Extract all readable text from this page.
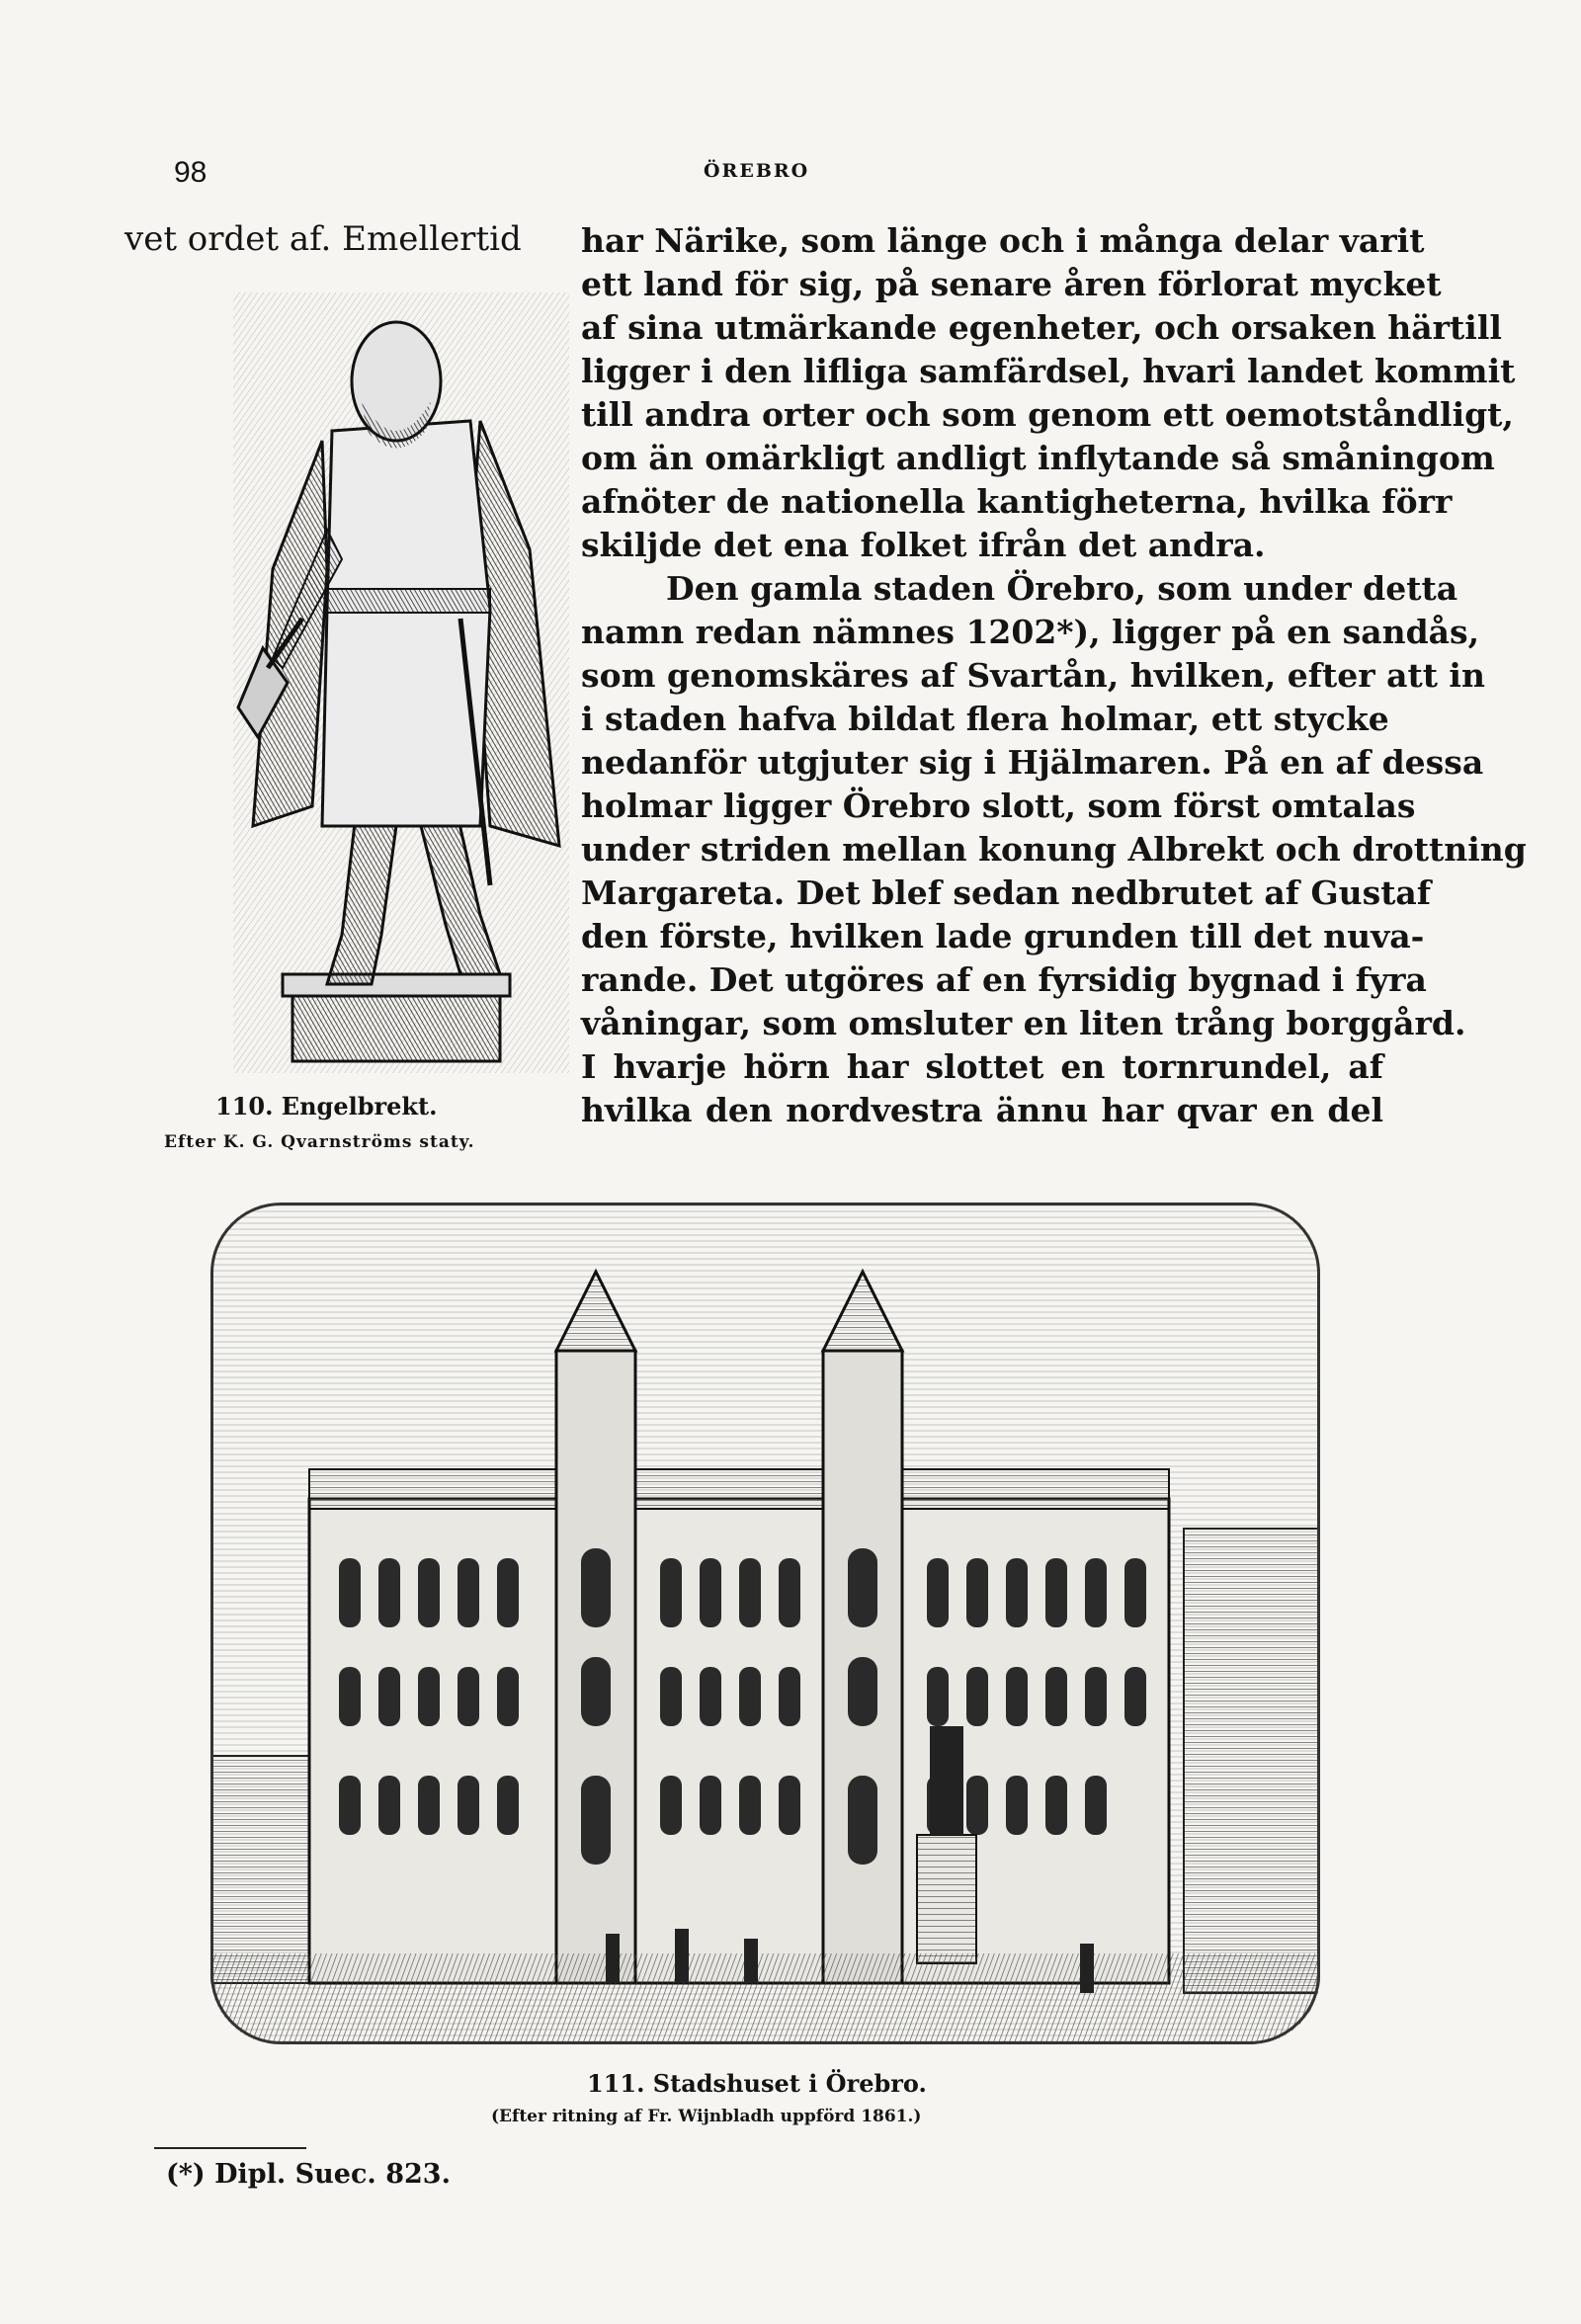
98	ÖREBRO
vet ordet af. Emellertid har Närike, som länge och i många delar varit
ett land för sig, på senare åren förlorat mycket
af sina utmärkande egenheter, och orsaken härtill
ligger i den lifliga samfärdsel, hvari landet kommit
till andra orter och som genom ett oemotståndligt,
om än omärkligt andligt inflytande så småningom
afnöter de nationella kantigheterna, hvilka förr
skiljde det ena folket ifrån det andra.
Den gamla staden Örebro, som under detta
namn redan nämnes 1202*), ligger på en sandås,
som genomskäres af Svartån, hvilken, efter att in
i staden hafva bildat flera holmar, ett stycke
nedanför utgjuter sig i Hjälmaren. På en af dessa
holmar ligger Örebro slott, som först omtalas
under striden mellan konung Albrekt och drottning
Margareta. Det blef sedan nedbrutet af Gustaf
den förste, hvilken lade grunden till det nuva-
rande. Det utgöres af en fyrsidig bygnad i fyra
våningar, som omsluter en liten trång borggård.
I hvarje hörn har slottet en tornrundel, af
hvilka den nordvestra ännu har qvar en del
110. Engelbrekt.
Efter K. G. Qvarnströms staty.
111. Stadshuset i Örebro.
(Efter ritning af Fr. Wijnbladh uppförd 1861.)
(*) Dipl. Suec. 823.
